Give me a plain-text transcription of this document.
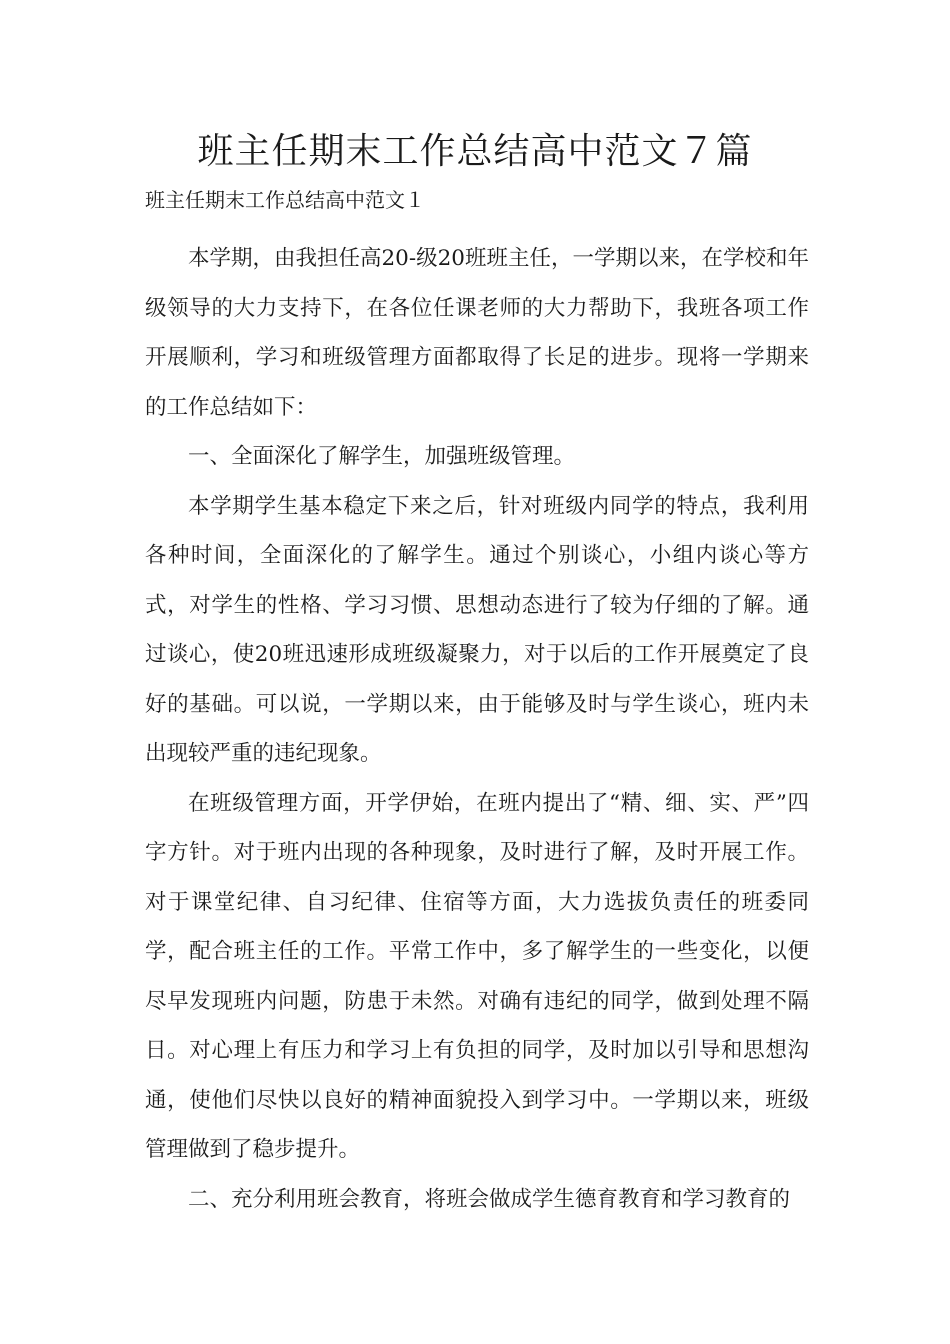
班主任期末工作总结高中范文７篇

班主任期末工作总结高中范文１

本学期，由我担任高20-级20班班主任，一学期以来，在学校和年级领导的大力支持下，在各位任课老师的大力帮助下，我班各项工作开展顺利，学习和班级管理方面都取得了长足的进步。现将一学期来的工作总结如下：

一、全面深化了解学生，加强班级管理。

本学期学生基本稳定下来之后，针对班级内同学的特点，我利用各种时间，全面深化的了解学生。通过个别谈心，小组内谈心等方式，对学生的性格、学习习惯、思想动态进行了较为仔细的了解。通过谈心，使20班迅速形成班级凝聚力，对于以后的工作开展奠定了良好的基础。可以说，一学期以来，由于能够及时与学生谈心，班内未出现较严重的违纪现象。

在班级管理方面，开学伊始，在班内提出了“精、细、实、严”四字方针。对于班内出现的各种现象，及时进行了解，及时开展工作。对于课堂纪律、自习纪律、住宿等方面，大力选拔负责任的班委同学，配合班主任的工作。平常工作中，多了解学生的一些变化，以便尽早发现班内问题，防患于未然。对确有违纪的同学，做到处理不隔日。对心理上有压力和学习上有负担的同学，及时加以引导和思想沟通，使他们尽快以良好的精神面貌投入到学习中。一学期以来，班级管理做到了稳步提升。

二、充分利用班会教育，将班会做成学生德育教育和学习教育的
